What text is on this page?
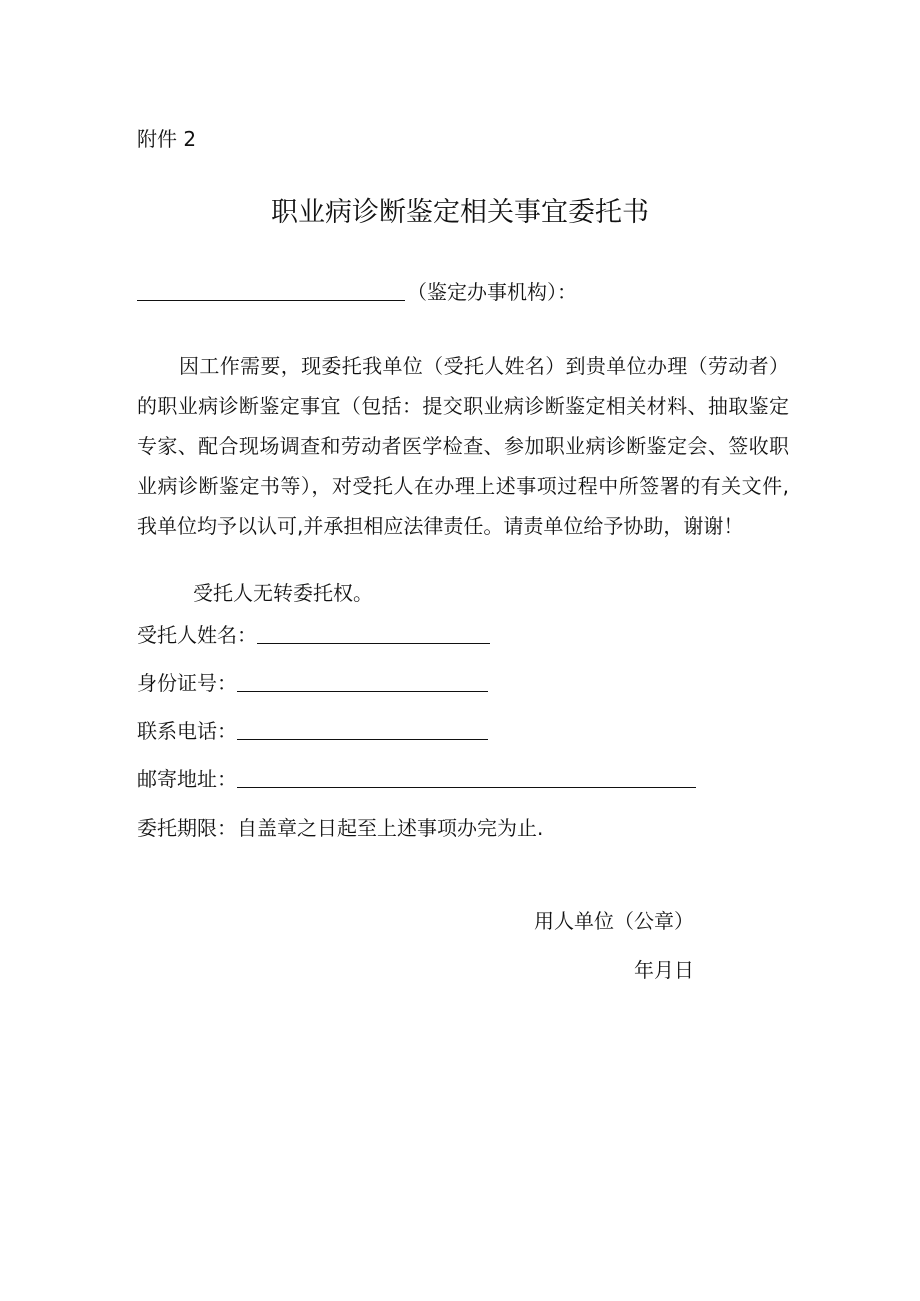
附件 2
职业病诊断鉴定相关事宜委托书
（鉴定办事机构）：
因工作需要，现委托我单位（受托人姓名）到贵单位办理（劳动者）
的职业病诊断鉴定事宜（包括：提交职业病诊断鉴定相关材料、抽取鉴定
专家、配合现场调查和劳动者医学检查、参加职业病诊断鉴定会、签收职
业病诊断鉴定书等），对受托人在办理上述事项过程中所签署的有关文件,
我单位均予以认可,并承担相应法律责任。请责单位给予协助，谢谢！
受托人无转委托权。
受托人姓名：
身份证号：
联系电话：
邮寄地址：
委托期限：自盖章之日起至上述事项办完为止.
用人单位（公章）
年月日
